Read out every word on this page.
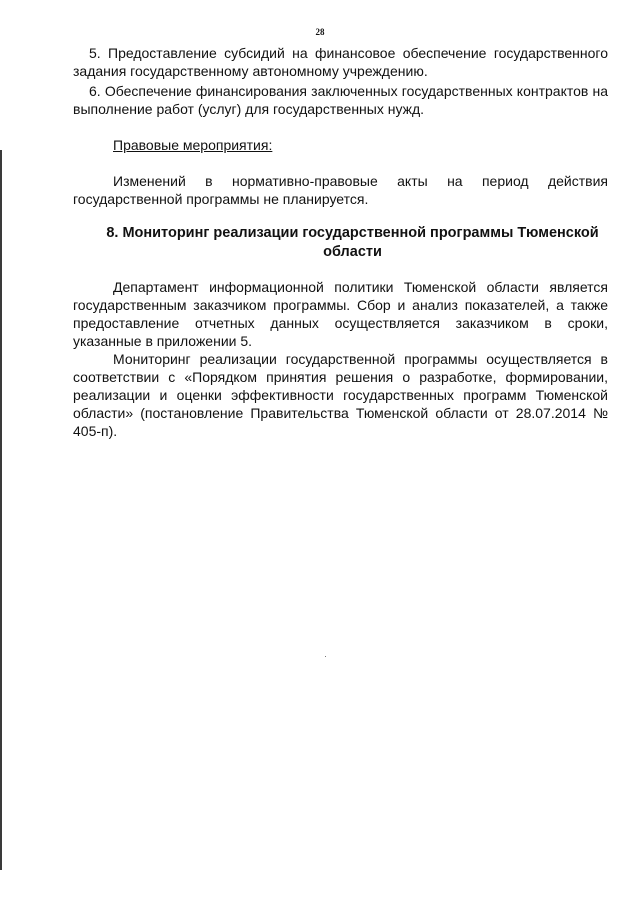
28

5. Предоставление субсидий на финансовое обеспечение государственного задания государственному автономному учреждению.

6. Обеспечение финансирования заключенных государственных контрактов на выполнение работ (услуг) для государственных нужд.

Правовые мероприятия:

Изменений в нормативно-правовые акты на период действия государственной программы не планируется.

8. Мониторинг реализации государственной программы Тюменской области

Департамент информационной политики Тюменской области является государственным заказчиком программы. Сбор и анализ показателей, а также предоставление отчетных данных осуществляется заказчиком в сроки, указанные в приложении 5.

Мониторинг реализации государственной программы осуществляется в соответствии с «Порядком принятия решения о разработке, формировании, реализации и оценки эффективности государственных программ Тюменской области» (постановление Правительства Тюменской области от 28.07.2014 № 405-п).
